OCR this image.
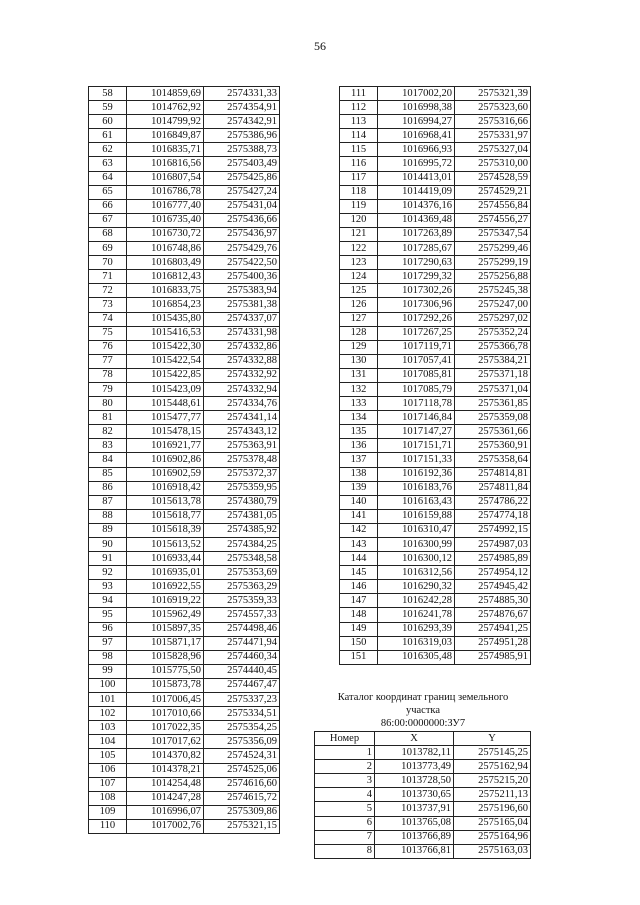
56
58	1014859,69	2574331,33
59	1014762,92	2574354,91
60	1014799,92	2574342,91
61	1016849,87	2575386,96
62	1016835,71	2575388,73
63	1016816,56	2575403,49
64	1016807,54	2575425,86
65	1016786,78	2575427,24
66	1016777,40	2575431,04
67	1016735,40	2575436,66
68	1016730,72	2575436,97
69	1016748,86	2575429,76
70	1016803,49	2575422,50
71	1016812,43	2575400,36
72	1016833,75	2575383,94
73	1016854,23	2575381,38
74	1015435,80	2574337,07
75	1015416,53	2574331,98
76	1015422,30	2574332,86
77	1015422,54	2574332,88
78	1015422,85	2574332,92
79	1015423,09	2574332,94
80	1015448,61	2574334,76
81	1015477,77	2574341,14
82	1015478,15	2574343,12
83	1016921,77	2575363,91
84	1016902,86	2575378,48
85	1016902,59	2575372,37
86	1016918,42	2575359,95
87	1015613,78	2574380,79
88	1015618,77	2574381,05
89	1015618,39	2574385,92
90	1015613,52	2574384,25
91	1016933,44	2575348,58
92	1016935,01	2575353,69
93	1016922,55	2575363,29
94	1016919,22	2575359,33
95	1015962,49	2574557,33
96	1015897,35	2574498,46
97	1015871,17	2574471,94
98	1015828,96	2574460,34
99	1015775,50	2574440,45
100	1015873,78	2574467,47
101	1017006,45	2575337,23
102	1017010,66	2575334,51
103	1017022,35	2575354,25
104	1017017,62	2575356,09
105	1014370,82	2574524,31
106	1014378,21	2574525,06
107	1014254,48	2574616,60
108	1014247,28	2574615,72
109	1016996,07	2575309,86
110	1017002,76	2575321,15
111	1017002,20	2575321,39
112	1016998,38	2575323,60
113	1016994,27	2575316,66
114	1016968,41	2575331,97
115	1016966,93	2575327,04
116	1016995,72	2575310,00
117	1014413,01	2574528,59
118	1014419,09	2574529,21
119	1014376,16	2574556,84
120	1014369,48	2574556,27
121	1017263,89	2575347,54
122	1017285,67	2575299,46
123	1017290,63	2575299,19
124	1017299,32	2575256,88
125	1017302,26	2575245,38
126	1017306,96	2575247,00
127	1017292,26	2575297,02
128	1017267,25	2575352,24
129	1017119,71	2575366,78
130	1017057,41	2575384,21
131	1017085,81	2575371,18
132	1017085,79	2575371,04
133	1017118,78	2575361,85
134	1017146,84	2575359,08
135	1017147,27	2575361,66
136	1017151,71	2575360,91
137	1017151,33	2575358,64
138	1016192,36	2574814,81
139	1016183,76	2574811,84
140	1016163,43	2574786,22
141	1016159,88	2574774,18
142	1016310,47	2574992,15
143	1016300,99	2574987,03
144	1016300,12	2574985,89
145	1016312,56	2574954,12
146	1016290,32	2574945,42
147	1016242,28	2574885,30
148	1016241,78	2574876,67
149	1016293,39	2574941,25
150	1016319,03	2574951,28
151	1016305,48	2574985,91
Каталог координат границ земельного
участка
86:00:0000000:ЗУ7
Номер	X	Y
1	1013782,11	2575145,25
2	1013773,49	2575162,94
3	1013728,50	2575215,20
4	1013730,65	2575211,13
5	1013737,91	2575196,60
6	1013765,08	2575165,04
7	1013766,89	2575164,96
8	1013766,81	2575163,03
